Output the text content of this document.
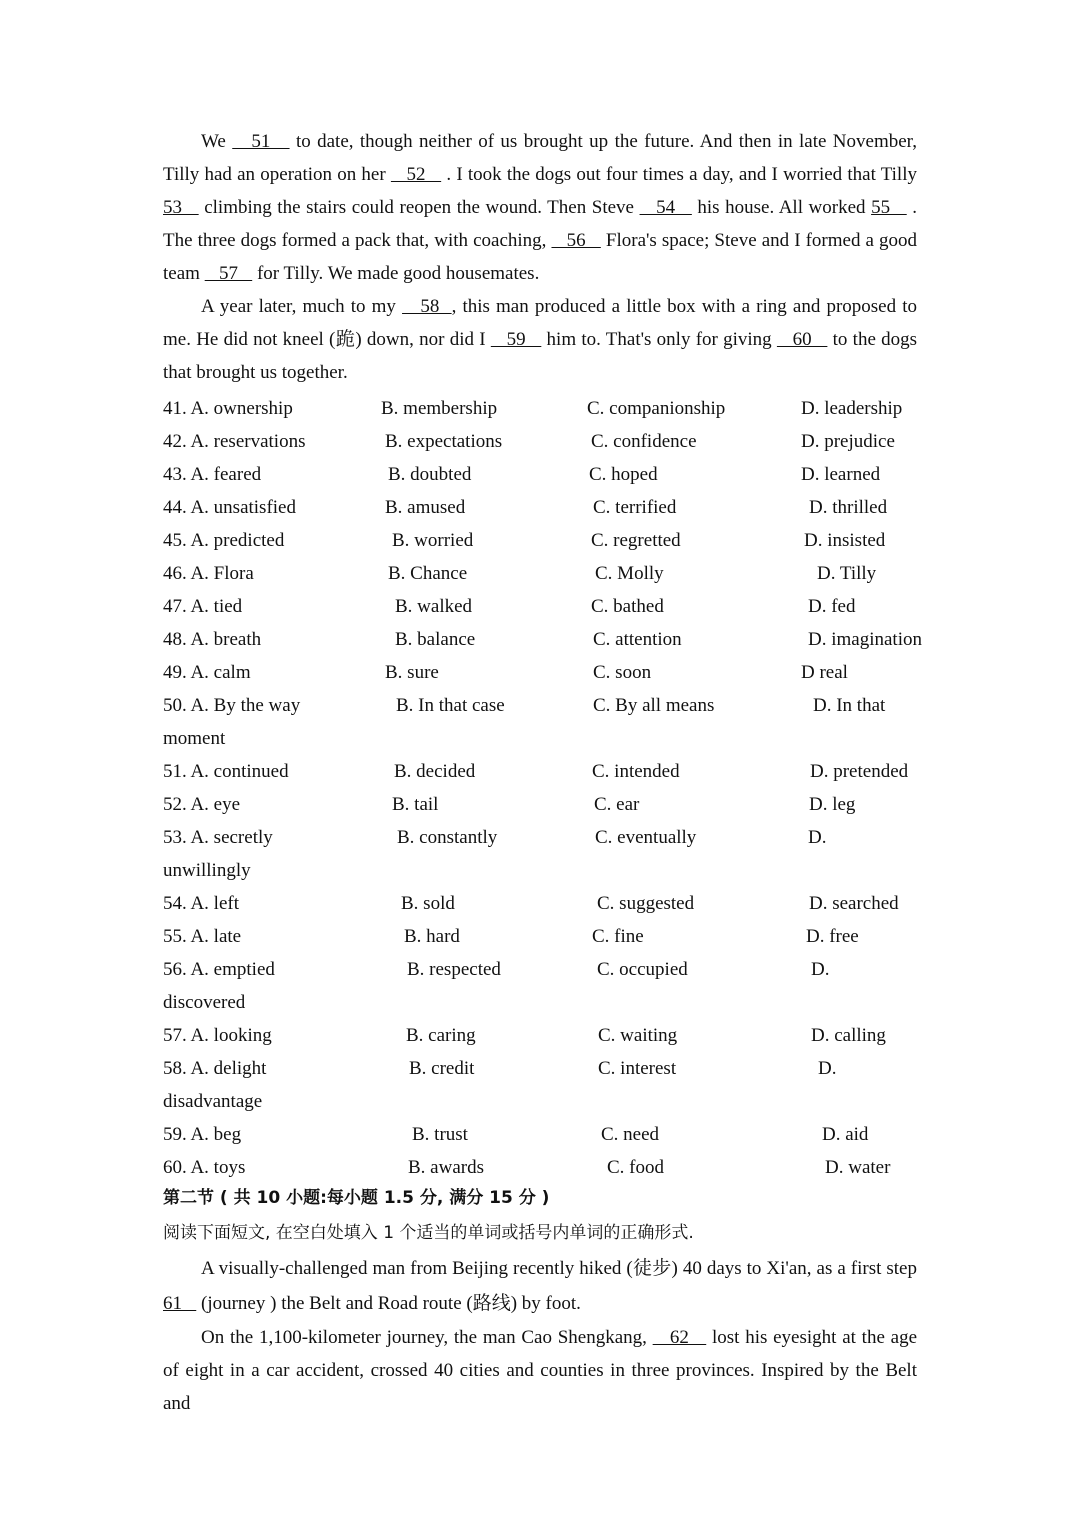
We    51    to date, though neither of us brought up the future. And then in late November, Tilly had an operation on her    52    . I took the dogs out four times a day, and I worried that Tilly 53    climbing the stairs could reopen the wound. Then Steve    54    his house. All worked 55    . The three dogs formed a pack that, with coaching,    56    Flora's space; Steve and I formed a good team    57    for Tilly. We made good housemates.

A year later, much to my    58  , this man produced a little box with a ring and proposed to me. He did not kneel (跪) down, nor did I    59    him to. That's only for giving    60    to the dogs that brought us together.

41. A. ownership	B. membership	C. companionship	D. leadership
42. A. reservations	B. expectations	C. confidence	D. prejudice
43. A. feared	B. doubted	C. hoped	D. learned
44. A. unsatisfied	B. amused	C. terrified	D. thrilled
45. A. predicted	B. worried	C. regretted	D. insisted
46. A. Flora	B. Chance	C. Molly	D. Tilly
47. A. tied	B. walked	C. bathed	D. fed
48. A. breath	B. balance	C. attention	D. imagination
49. A. calm	B. sure	C. soon	D real
50. A. By the way	B. In that case	C. By all means	D. In that
moment
51. A. continued	B. decided	C. intended	D. pretended
52. A. eye	B. tail	C. ear	D. leg
53. A. secretly	B. constantly	C. eventually	D.
unwillingly
54. A. left	B. sold	C. suggested	D. searched
55. A. late	B. hard	C. fine	D. free
56. A. emptied	B. respected	C. occupied	D.
discovered
57. A. looking	B. caring	C. waiting	D. calling
58. A. delight	B. credit	C. interest	D.
disadvantage
59. A. beg	B. trust	C. need	D. aid
60. A. toys	B. awards	C. food	D. water
第二节 ( 共 10 小题:每小题 1.5 分, 满分 15 分 )
阅读下面短文, 在空白处填入 1 个适当的单词或括号内单词的正确形式.

A visually-challenged man from Beijing recently hiked (徒步) 40 days to Xi'an, as a first step 61    (journey ) the Belt and Road route (路线) by foot.

On the 1,100-kilometer journey, the man Cao Shengkang,    62    lost his eyesight at the age of eight in a car accident, crossed 40 cities and counties in three provinces. Inspired by the Belt and
